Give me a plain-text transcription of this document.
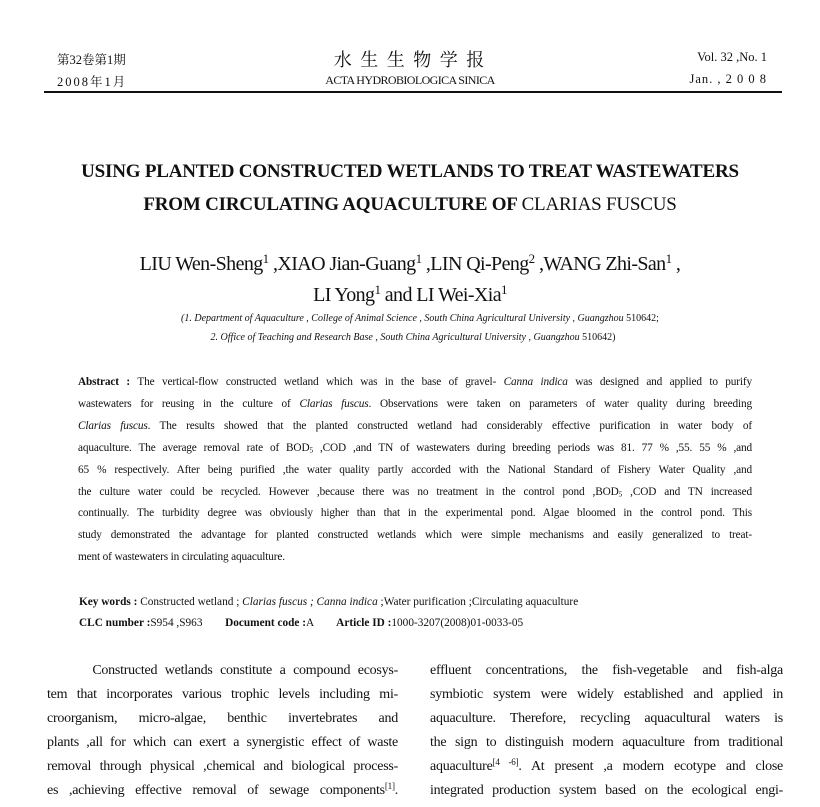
第32卷第1期
2008年1月
水 生 生 物 学 报
ACTA HYDROBIOLOGICA SINICA
Vol. 32 ,No. 1
Jan. , 2 0 0 8
USING PLANTED CONSTRUCTED WETLANDS TO TREAT WASTEWATERS
FROM CIRCULATING AQUACULTURE OF CLARIAS FUSCUS
LIU Wen-Sheng$^1$ ,XIAO Jian-Guang$^1$ ,LIN Qi-Peng$^2$ ,WANG Zhi-San$^1$ ,
LI Yong$^1$ and LI Wei-Xia$^1$
(1. Department of Aquaculture , College of Animal Science , South China Agricultural University , Guangzhou 510642;
2. Office of Teaching and Research Base , South China Agricultural University , Guangzhou 510642)
Abstract : The vertical-flow constructed wetland which was in the base of gravel- Canna indica was designed and applied to purify
wastewaters for reusing in the culture of Clarias fuscus. Observations were taken on parameters of water quality during breeding
Clarias fuscus. The results showed that the planted constructed wetland had considerably effective purification in water body of
aquaculture. The average removal rate of $BOD_5$ ,COD ,and TN of wastewaters during breeding periods was 81. 77 % ,55. 55 % ,and
65 % respectively. After being purified ,the water quality partly accorded with the National Standard of Fishery Water Quality ,and
the culture water could be recycled. However ,because there was no treatment in the control pond $,BOD_5$ ,COD and TN increased
continually. The turbidity degree was obviously higher than that in the experimental pond. Algae bloomed in the control pond. This
study demonstrated the advantage for planted constructed wetlands which were simple mechanisms and easily generalized to treat-
ment of wastewaters in circulating aquaculture.
Key words : Constructed wetland ; Clarias fuscus ; Canna indica ;Water purification ;Circulating aquaculture
CLC number :S954 ,S963        Document code :A        Article ID :1000-3207(2008)01-0033-05
Constructed wetlands constitute a compound ecosys-
tem that incorporates various trophic levels including mi-
croorganism, micro-algae, benthic invertebrates and
plants ,all for which can exert a synergistic effect of waste
removal through physical ,chemical and biological process-
es ,achieving effective removal of sewage components[1].
effluent concentrations, the fish-vegetable and fish-alga
symbiotic system were widely established and applied in
aquaculture. Therefore, recycling aquacultural waters is
the sign to distinguish modern aquaculture from traditional
aquaculture[4 -6]. At present ,a modern ecotype and close
integrated production system based on the ecological engi-
